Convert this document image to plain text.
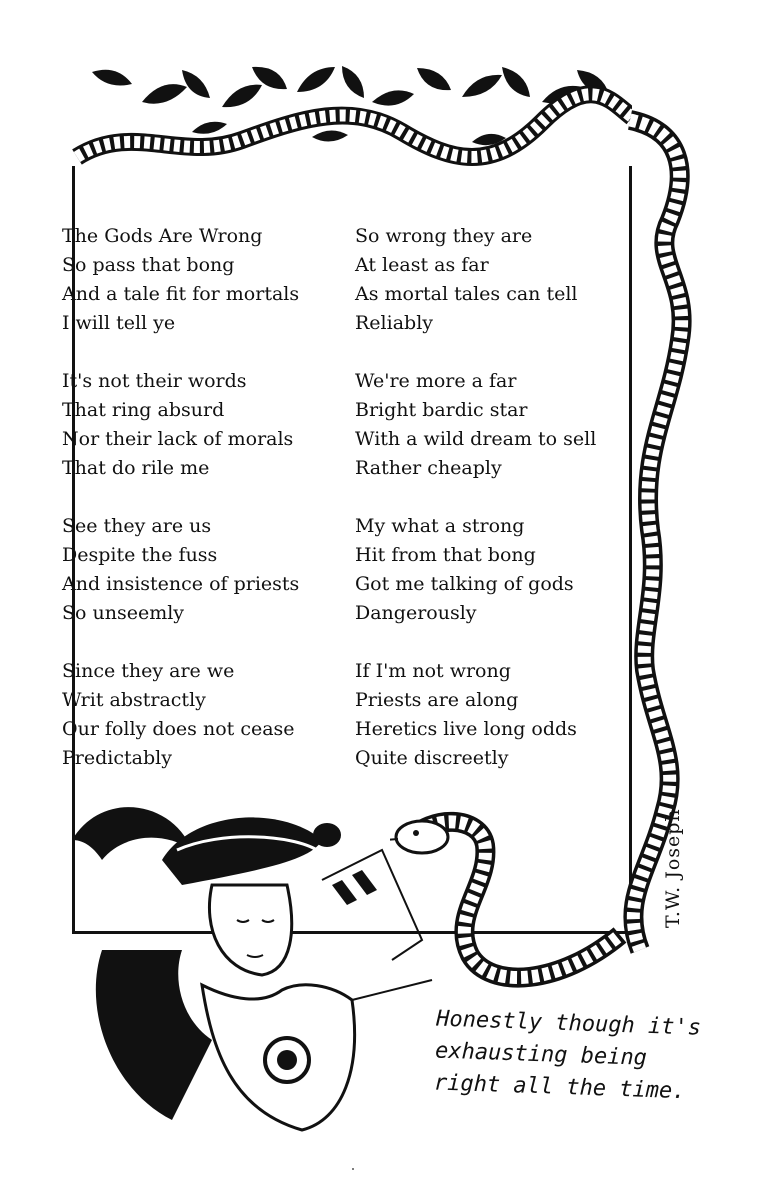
The Gods Are Wrong
So pass that bong
And a tale fit for mortals
I will tell ye
It's not their words
That ring absurd
Nor their lack of morals
That do rile me
See they are us
Despite the fuss
And insistence of priests
So unseemly
Since they are we
Writ abstractly
Our folly does not cease
Predictably
So wrong they are
At least as far
As mortal tales can tell
Reliably
We're more a far
Bright bardic star
With a wild dream to sell
Rather cheaply
My what a strong
Hit from that bong
Got me talking of gods
Dangerously
If I'm not wrong
Priests are along
Heretics live long odds
Quite discreetly
T.W. Joseph
Honestly though it's
exhausting being
right all the time.
